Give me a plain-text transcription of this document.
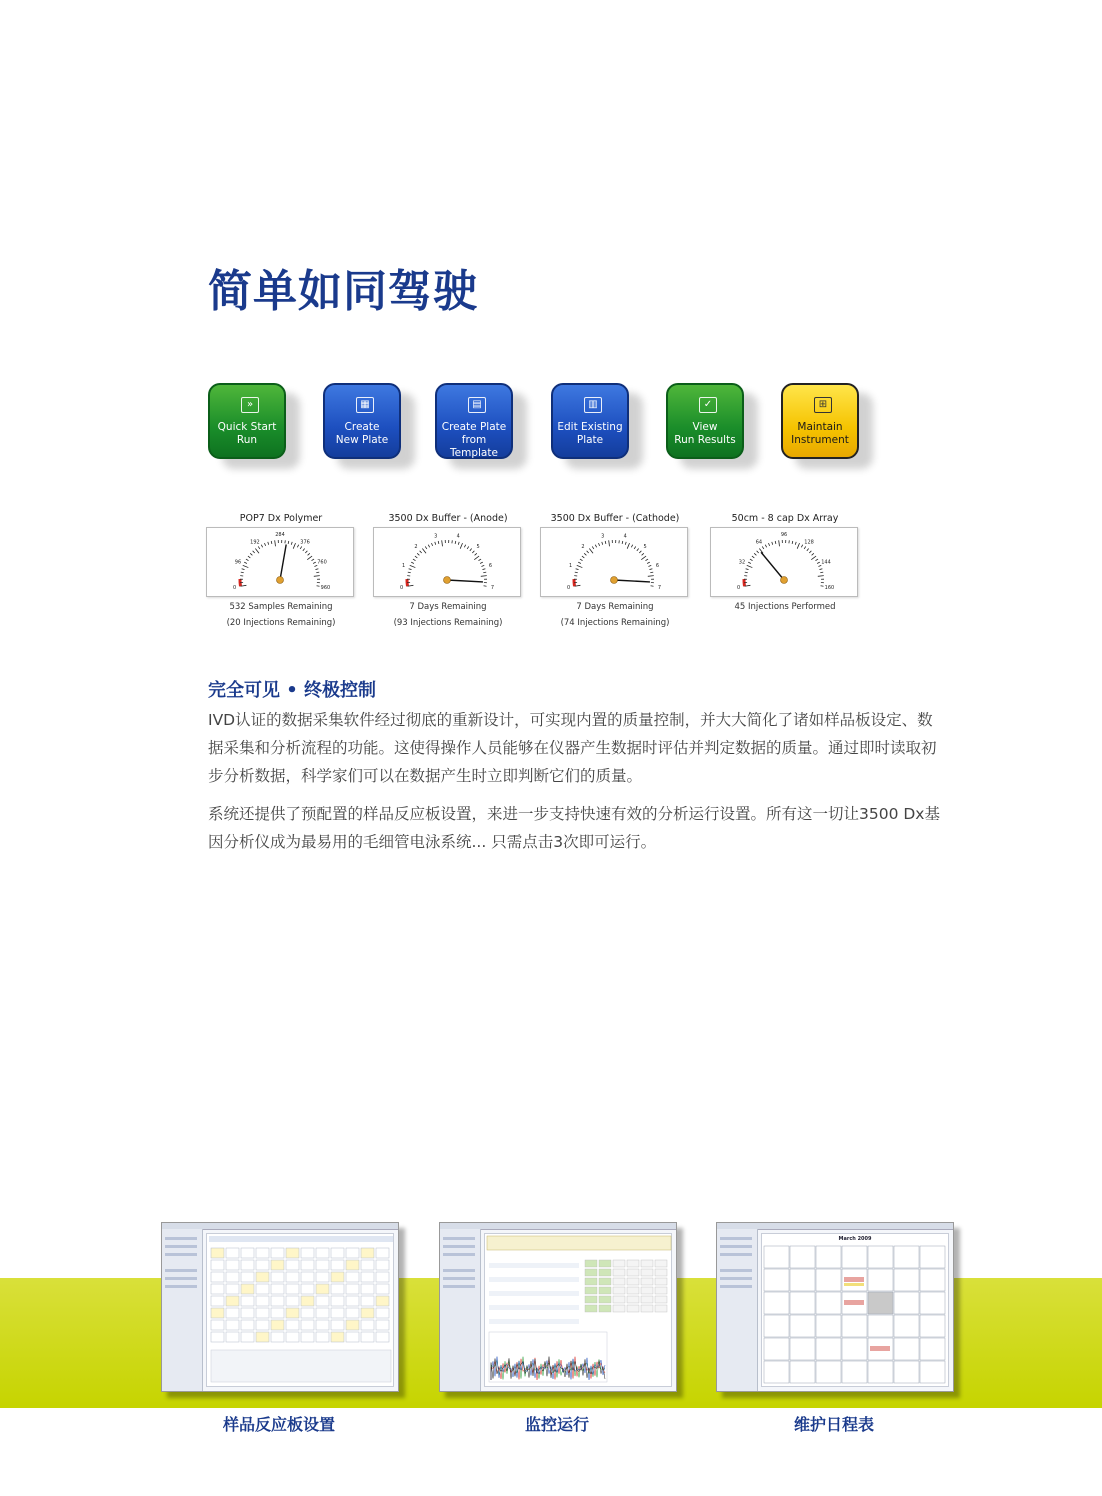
简单如同驾驶
»
Quick Start
Run
▦
Create
New Plate
▤
Create Plate
from Template
▥
Edit Existing
Plate
✓
View
Run Results
⊞
Maintain
Instrument
POP7 Dx Polymer
0
96
192
284
376
760
960
532 Samples Remaining
(20 Injections Remaining)
3500 Dx Buffer - (Anode)
0
1
2
3	4
5
6
7
7 Days Remaining
(93 Injections Remaining)
3500 Dx Buffer - (Cathode)
0
1
2
3	4
5
6
7
7 Days Remaining
(74 Injections Remaining)
50cm - 8 cap Dx Array
0
32
64
96
128
144
160
45 Injections Performed
完全可见 • 终极控制

IVD认证的数据采集软件经过彻底的重新设计，可实现内置的质量控制，并大大简化了诸如样品板设定、数据采集和分析流程的功能。这使得操作人员能够在仪器产生数据时评估并判定数据的质量。通过即时读取初步分析数据，科学家们可以在数据产生时立即判断它们的质量。

系统还提供了预配置的样品反应板设置，来进一步支持快速有效的分析运行设置。所有这一切让3500 Dx基因分析仪成为最易用的毛细管电泳系统... 只需点击3次即可运行。

March 2009
样品反应板设置	监控运行	维护日程表
